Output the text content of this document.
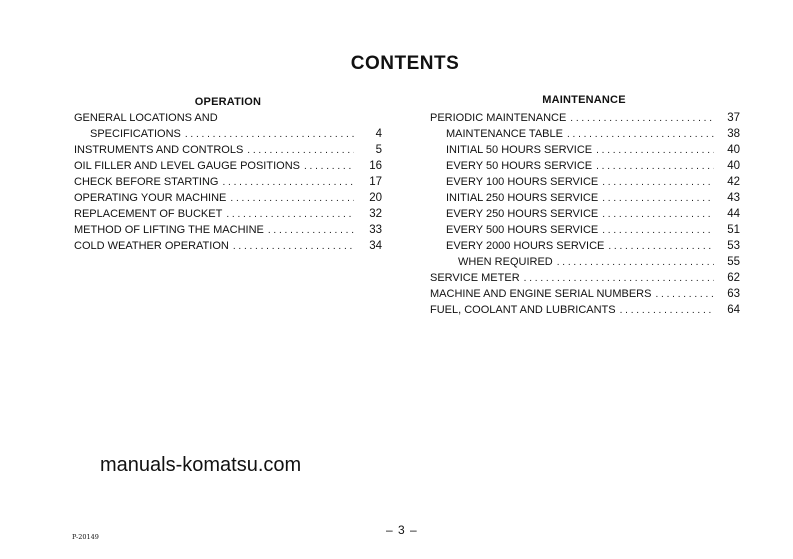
CONTENTS
OPERATION	MAINTENANCE
GENERAL LOCATIONS AND
SPECIFICATIONS . . .	4
INSTRUMENTS AND CONTROLS . . .	5
OIL FILLER AND LEVEL GAUGE POSITIONS . . .	16
CHECK BEFORE STARTING . . .	17
OPERATING YOUR MACHINE . . .	20
REPLACEMENT OF BUCKET . . .	32
METHOD OF LIFTING THE MACHINE . . .	33
COLD WEATHER OPERATION . . .	34
PERIODIC MAINTENANCE . . .	37
MAINTENANCE TABLE . . .	38
INITIAL 50 HOURS SERVICE . . .	40
EVERY 50 HOURS SERVICE . . .	40
EVERY 100 HOURS SERVICE . . .	42
INITIAL 250 HOURS SERVICE . . .	43
EVERY 250 HOURS SERVICE . . .	44
EVERY 500 HOURS SERVICE . . .	51
EVERY 2000 HOURS SERVICE . . .	53
WHEN REQUIRED . . .	55
SERVICE METER . . .	62
MACHINE AND ENGINE SERIAL NUMBERS . . .	63
FUEL, COOLANT AND LUBRICANTS . . .	64
manuals-komatsu.com
– 3 –
P-20149
